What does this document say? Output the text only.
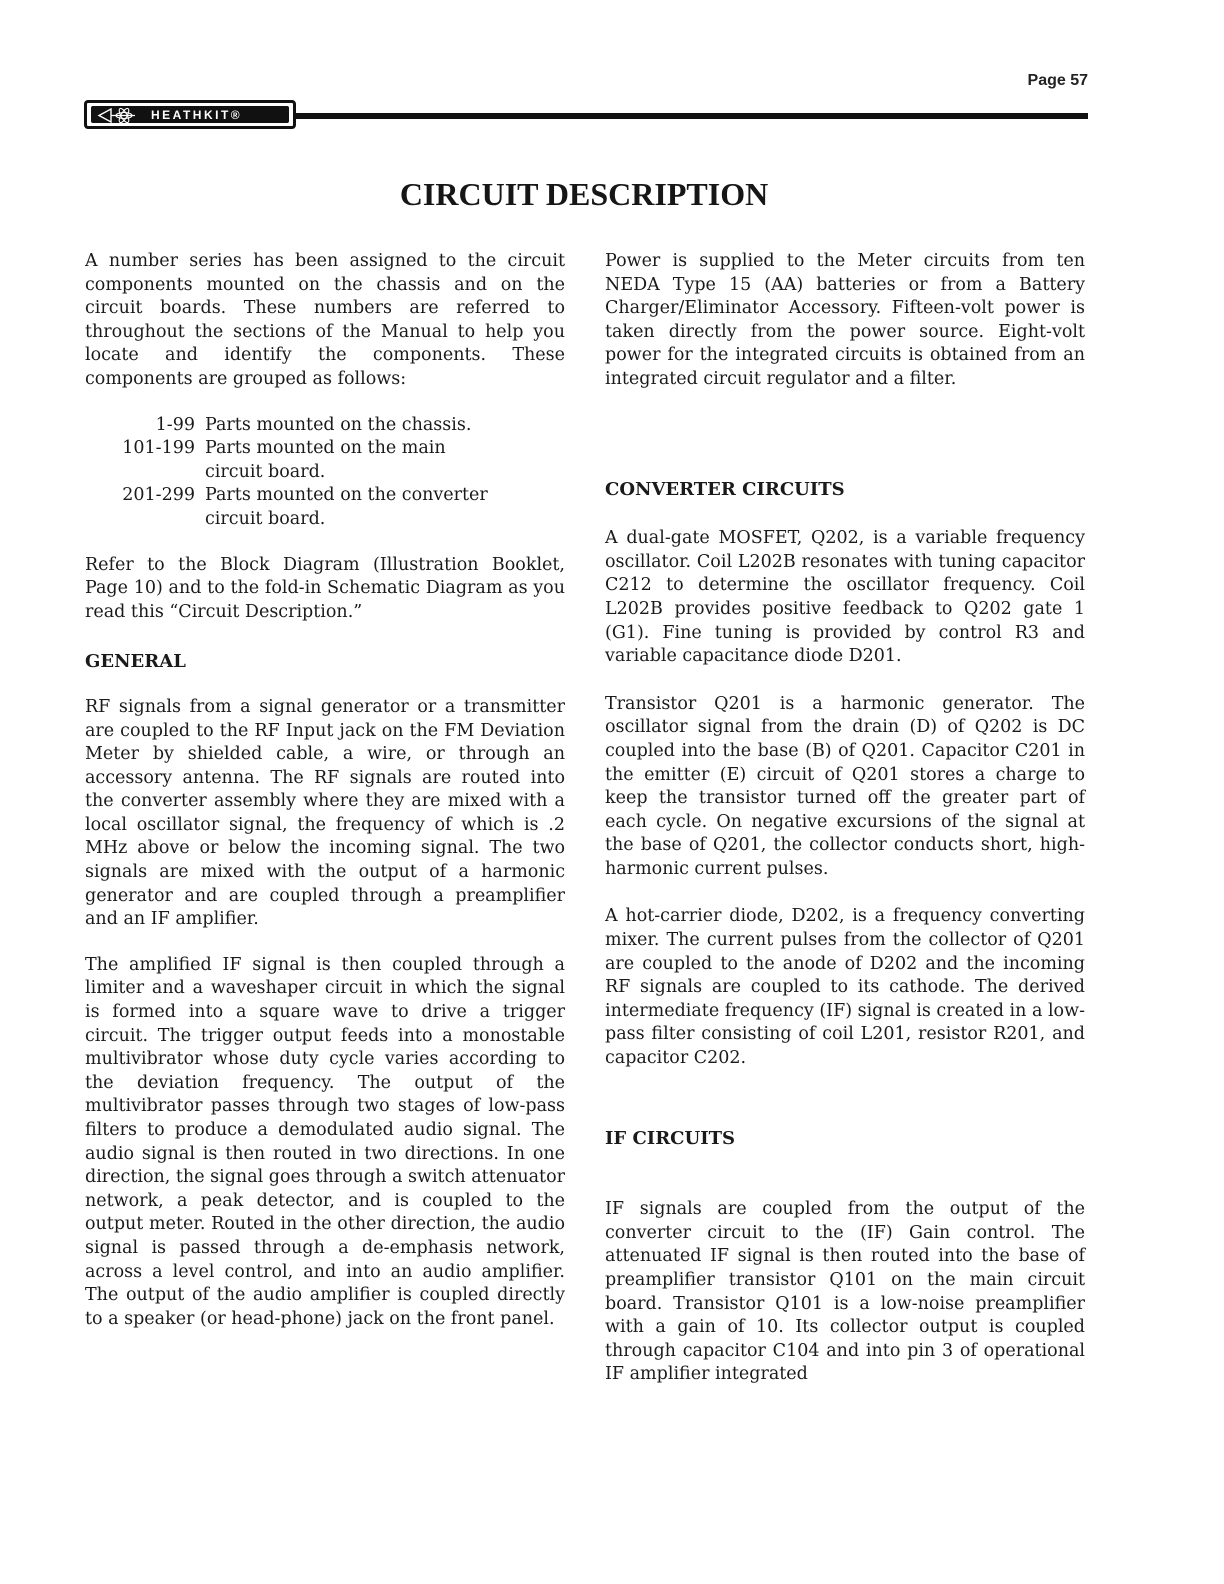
Page 57
HEATHKIT®
CIRCUIT DESCRIPTION

A number series has been assigned to the circuit components mounted on the chassis and on the circuit boards. These numbers are referred to throughout the sections of the Manual to help you locate and identify the components. These components are grouped as follows:

1-99 Parts mounted on the chassis.
101-199 Parts mounted on the main circuit board.
201-299 Parts mounted on the converter circuit board.

Refer to the Block Diagram (Illustration Booklet, Page 10) and to the fold-in Schematic Diagram as you read this “Circuit Description.”

GENERAL

RF signals from a signal generator or a transmitter are coupled to the RF Input jack on the FM Deviation Meter by shielded cable, a wire, or through an accessory antenna. The RF signals are routed into the converter assembly where they are mixed with a local oscillator signal, the frequency of which is .2 MHz above or below the incoming signal. The two signals are mixed with the output of a harmonic generator and are coupled through a preamplifier and an IF amplifier.

The amplified IF signal is then coupled through a limiter and a waveshaper circuit in which the signal is formed into a square wave to drive a trigger circuit. The trigger output feeds into a monostable multivibrator whose duty cycle varies according to the deviation frequency. The output of the multivibrator passes through two stages of low-pass filters to produce a demodulated audio signal. The audio signal is then routed in two directions. In one direction, the signal goes through a switch attenuator network, a peak detector, and is coupled to the output meter. Routed in the other direction, the audio signal is passed through a de-emphasis network, across a level control, and into an audio amplifier. The output of the audio amplifier is coupled directly to a speaker (or head-phone) jack on the front panel.

Power is supplied to the Meter circuits from ten NEDA Type 15 (AA) batteries or from a Battery Charger/Eliminator Accessory. Fifteen-volt power is taken directly from the power source. Eight-volt power for the integrated circuits is obtained from an integrated circuit regulator and a filter.

CONVERTER CIRCUITS

A dual-gate MOSFET, Q202, is a variable frequency oscillator. Coil L202B resonates with tuning capacitor C212 to determine the oscillator frequency. Coil L202B provides positive feedback to Q202 gate 1 (G1). Fine tuning is provided by control R3 and variable capacitance diode D201.

Transistor Q201 is a harmonic generator. The oscillator signal from the drain (D) of Q202 is DC coupled into the base (B) of Q201. Capacitor C201 in the emitter (E) circuit of Q201 stores a charge to keep the transistor turned off the greater part of each cycle. On negative excursions of the signal at the base of Q201, the collector conducts short, high-harmonic current pulses.

A hot-carrier diode, D202, is a frequency converting mixer. The current pulses from the collector of Q201 are coupled to the anode of D202 and the incoming RF signals are coupled to its cathode. The derived intermediate frequency (IF) signal is created in a low-pass filter consisting of coil L201, resistor R201, and capacitor C202.

IF CIRCUITS

IF signals are coupled from the output of the converter circuit to the (IF) Gain control. The attenuated IF signal is then routed into the base of preamplifier transistor Q101 on the main circuit board. Transistor Q101 is a low-noise preamplifier with a gain of 10. Its collector output is coupled through capacitor C104 and into pin 3 of operational IF amplifier integrated
